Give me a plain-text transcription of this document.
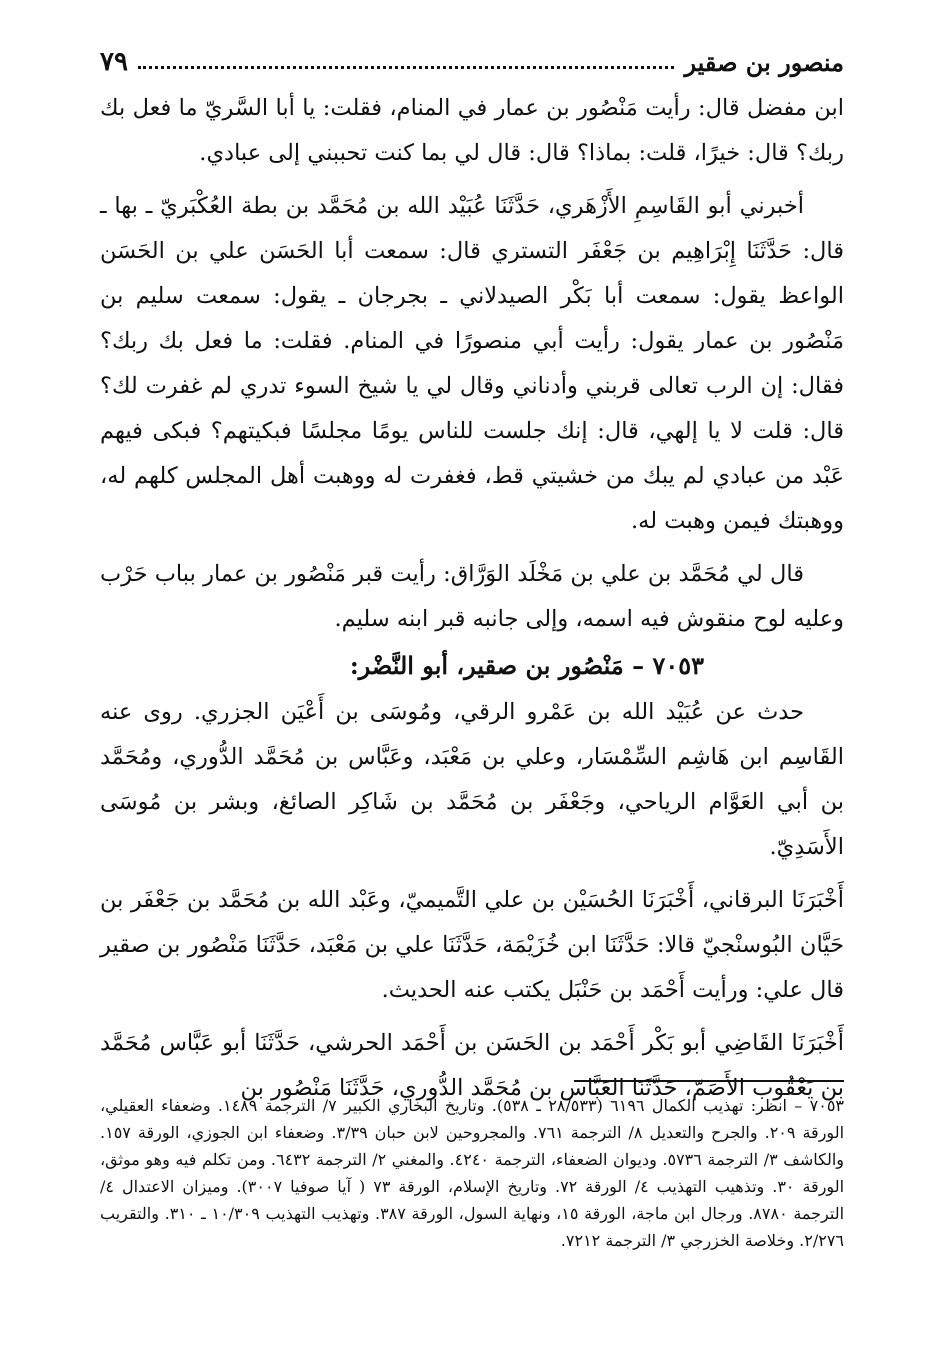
منصور بن صقير
٧٩

ابن مفضل قال: رأيت مَنْصُور بن عمار في المنام، فقلت: يا أبا السَّريّ ما فعل بك ربك؟ قال: خيرًا، قلت: بماذا؟ قال: قال لي بما كنت تحببني إلى عبادي.

أخبرني أبو القَاسِمِ الأَزْهَري، حَدَّثَنَا عُبَيْد الله بن مُحَمَّد بن بطة العُكْبَريّ ـ بها ـ قال: حَدَّثَنَا إِبْرَاهِيم بن جَعْفَر التستري قال: سمعت أبا الحَسَن علي بن الحَسَن الواعظ يقول: سمعت أبا بَكْر الصيدلاني ـ بجرجان ـ يقول: سمعت سليم بن مَنْصُور بن عمار يقول: رأيت أبي منصورًا في المنام. فقلت: ما فعل بك ربك؟ فقال: إن الرب تعالى قربني وأدناني وقال لي يا شيخ السوء تدري لم غفرت لك؟ قال: قلت لا يا إلهي، قال: إنك جلست للناس يومًا مجلسًا فبكيتهم؟ فبكى فيهم عَبْد من عبادي لم يبك من خشيتي قط، فغفرت له ووهبت أهل المجلس كلهم له، ووهبتك فيمن وهبت له.

قال لي مُحَمَّد بن علي بن مَخْلَد الوَرَّاق: رأيت قبر مَنْصُور بن عمار بباب حَرْب وعليه لوح منقوش فيه اسمه، وإلى جانبه قبر ابنه سليم.

٧٠٥٣ – مَنْصُور بن صقير، أبو النَّضْر:

حدث عن عُبَيْد الله بن عَمْرو الرقي، ومُوسَى بن أَعْيَن الجزري. روى عنه القَاسِم ابن هَاشِم السِّمْسَار، وعلي بن مَعْبَد، وعَبَّاس بن مُحَمَّد الدُّوري، ومُحَمَّد بن أبي العَوَّام الرياحي، وجَعْفَر بن مُحَمَّد بن شَاكِر الصائغ، وبشر بن مُوسَى الأَسَدِيّ.

أَخْبَرَنَا البرقاني، أَخْبَرَنَا الحُسَيْن بن علي التَّميميّ، وعَبْد الله بن مُحَمَّد بن جَعْفَر بن حَيَّان البُوسنْجيّ قالا: حَدَّثَنَا ابن خُزَيْمَة، حَدَّثَنَا علي بن مَعْبَد، حَدَّثَنَا مَنْصُور بن صقير قال علي: ورأيت أَحْمَد بن حَنْبَل يكتب عنه الحديث.

أَخْبَرَنَا القَاضِي أبو بَكْر أَحْمَد بن الحَسَن بن أَحْمَد الحرشي، حَدَّثَنَا أبو عَبَّاس مُحَمَّد بن يَعْقُوب الأَصَمّ، حَدَّثَنَا العَبَّاس بن مُحَمَّد الدُّوري، حَدَّثَنَا مَنْصُور بن

٧٠٥٣ – انظر: تهذيب الكمال ٦١٩٦ (٢٨/٥٣٣ ـ ٥٣٨). وتاريخ البخاري الكبير ٧/ الترجمة ١٤٨٩. وضعفاء العقيلي، الورقة ٢٠٩. والجرح والتعديل ٨/ الترجمة ٧٦١. والمجروحين لابن حبان ٣/٣٩. وضعفاء ابن الجوزي، الورقة ١٥٧. والكاشف ٣/ الترجمة ٥٧٣٦. وديوان الضعفاء، الترجمة ٤٢٤٠. والمغني ٢/ الترجمة ٦٤٣٢. ومن تكلم فيه وهو موثق، الورقة ٣٠. وتذهيب التهذيب ٤/ الورقة ٧٢. وتاريخ الإسلام، الورقة ٧٣ ( آيا صوفيا ٣٠٠٧). وميزان الاعتدال ٤/ الترجمة ٨٧٨٠. ورجال ابن ماجة، الورقة ١٥، ونهاية السول، الورقة ٣٨٧. وتهذيب التهذيب ١٠/٣٠٩ ـ ٣١٠. والتقريب ٢/٢٧٦. وخلاصة الخزرجي ٣/ الترجمة ٧٢١٢.
